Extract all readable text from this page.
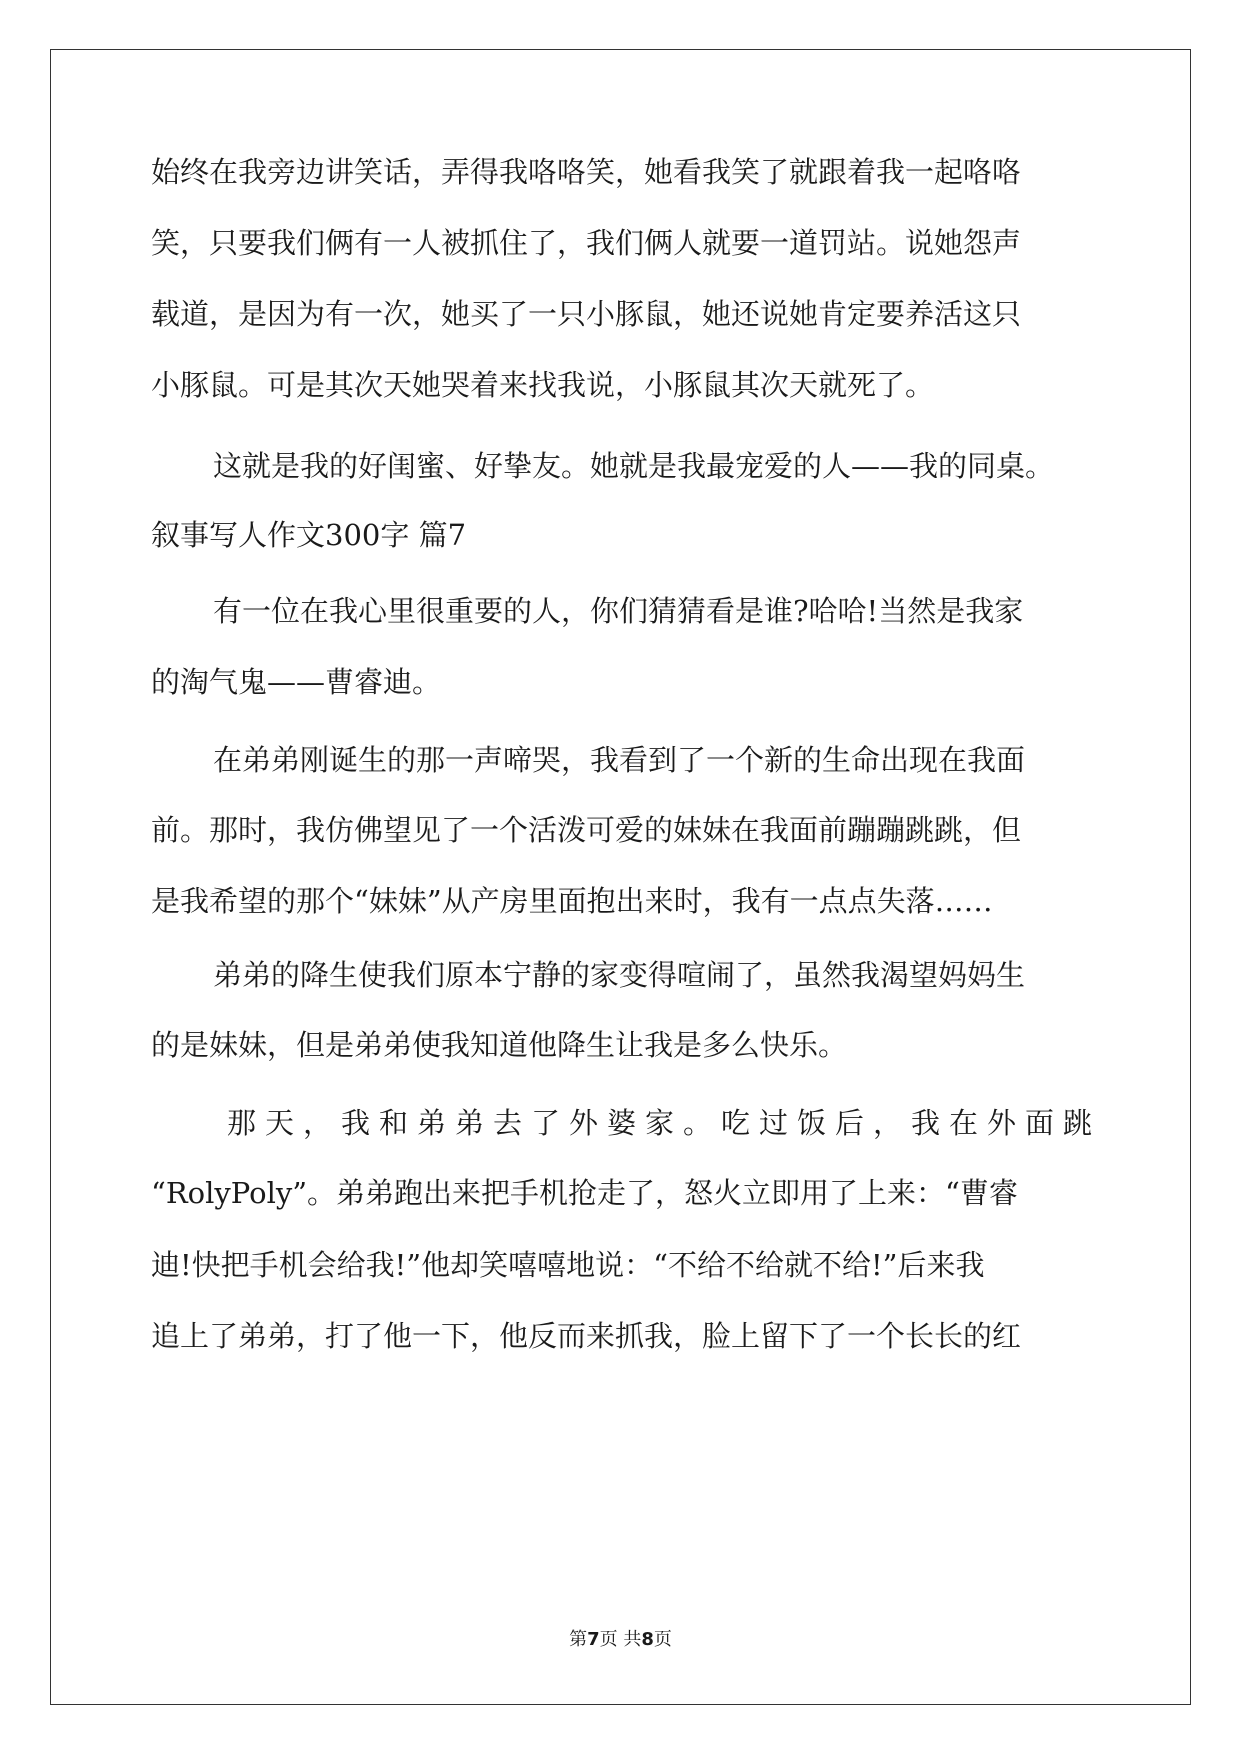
始终在我旁边讲笑话，弄得我咯咯笑，她看我笑了就跟着我一起咯咯

笑，只要我们俩有一人被抓住了，我们俩人就要一道罚站。说她怨声

载道，是因为有一次，她买了一只小豚鼠，她还说她肯定要养活这只

小豚鼠。可是其次天她哭着来找我说，小豚鼠其次天就死了。

这就是我的好闺蜜、好挚友。她就是我最宠爱的人——我的同桌。

叙事写人作文300字 篇7

有一位在我心里很重要的人，你们猜猜看是谁?哈哈!当然是我家

的淘气鬼——曹睿迪。

在弟弟刚诞生的那一声啼哭，我看到了一个新的生命出现在我面

前。那时，我仿佛望见了一个活泼可爱的妹妹在我面前蹦蹦跳跳，但

是我希望的那个“妹妹”从产房里面抱出来时，我有一点点失落……

弟弟的降生使我们原本宁静的家变得喧闹了，虽然我渴望妈妈生

的是妹妹，但是弟弟使我知道他降生让我是多么快乐。

那天，我和弟弟去了外婆家。吃过饭后，我在外面跳

“RolyPoly”。弟弟跑出来把手机抢走了，怒火立即用了上来：“曹睿

迪!快把手机会给我!”他却笑嘻嘻地说：“不给不给就不给!”后来我

追上了弟弟，打了他一下，他反而来抓我，脸上留下了一个长长的红

第7页 共8页
